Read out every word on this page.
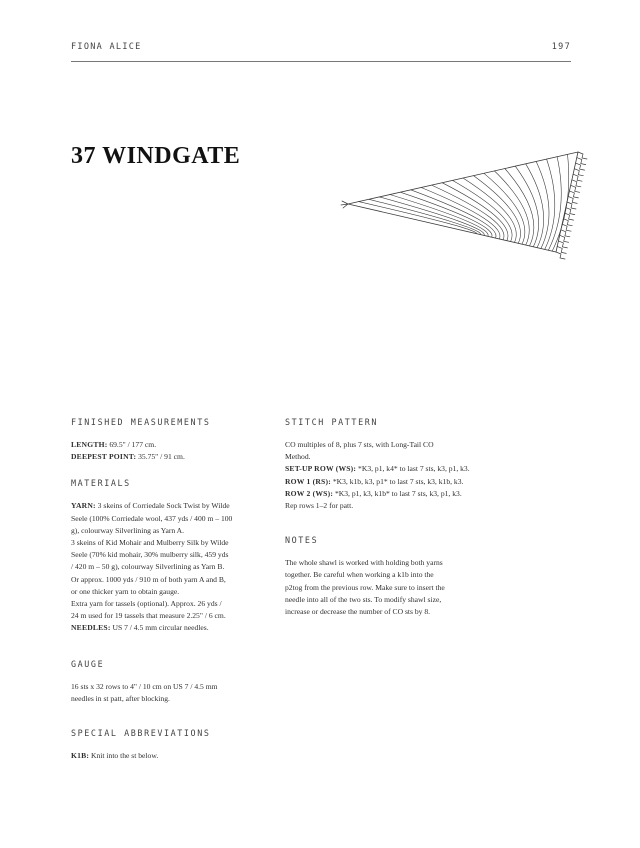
FIONA ALICE	197
37 WINDGATE
FINISHED MEASUREMENTS

LENGTH: 69.5" / 177 cm.

DEEPEST POINT: 35.75" / 91 cm.

MATERIALS

YARN: 3 skeins of Corriedale Sock Twist by Wilde
Seele (100% Corriedale wool, 437 yds / 400 m – 100
g), colourway Silverlining as Yarn A.
3 skeins of Kid Mohair and Mulberry Silk by Wilde
Seele (70% kid mohair, 30% mulberry silk, 459 yds
/ 420 m – 50 g), colourway Silverlining as Yarn B.
Or approx. 1000 yds / 910 m of both yarn A and B,
or one thicker yarn to obtain gauge.
Extra yarn for tassels (optional). Approx. 26 yds /
24 m used for 19 tassels that measure 2.25" / 6 cm.
NEEDLES: US 7 / 4.5 mm circular needles.

GAUGE

16 sts x 32 rows to 4" / 10 cm on US 7 / 4.5 mm
needles in st patt, after blocking.

SPECIAL ABBREVIATIONS

K1B: Knit into the st below.

STITCH PATTERN

CO multiples of 8, plus 7 sts, with Long-Tail CO
Method.
SET-UP ROW (WS): *K3, p1, k4* to last 7 sts, k3, p1, k3.
ROW 1 (RS): *K3, k1b, k3, p1* to last 7 sts, k3, k1b, k3.
ROW 2 (WS): *K3, p1, k3, k1b* to last 7 sts, k3, p1, k3.
Rep rows 1–2 for patt.

NOTES

The whole shawl is worked with holding both yarns
together. Be careful when working a k1b into the
p2tog from the previous row. Make sure to insert the
needle into all of the two sts. To modify shawl size,
increase or decrease the number of CO sts by 8.
